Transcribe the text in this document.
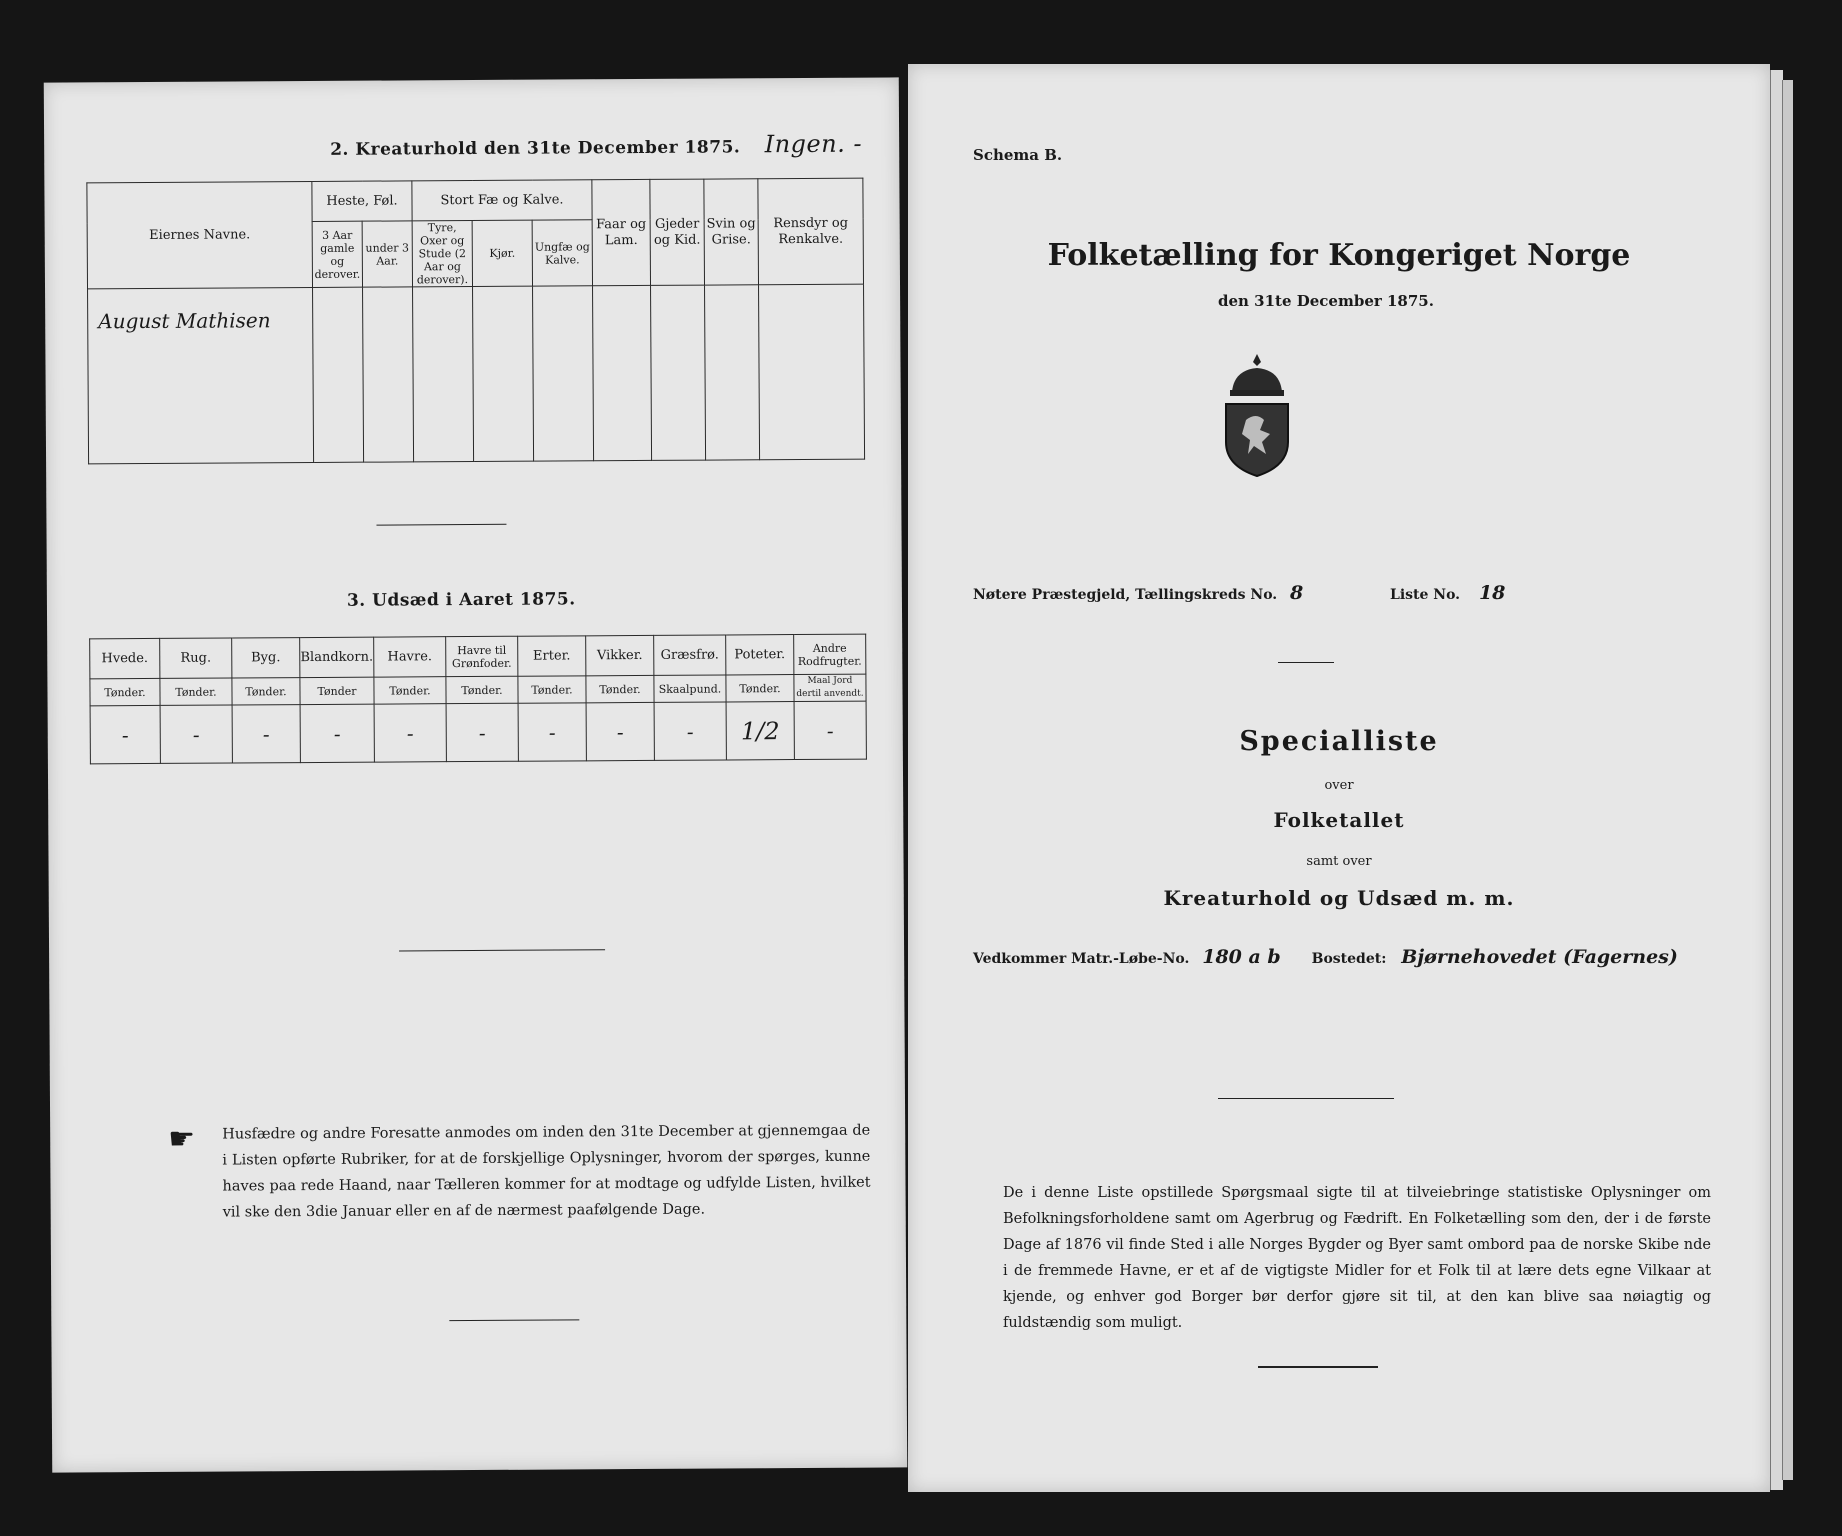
2. Kreaturhold den 31te December 1875. Ingen. -
Eiernes Navne.	Heste, Føl.		Stort Fæ og Kalve.			Faar og Lam.	Gjeder og Kid.	Svin og Grise.	Rensdyr og Renkalve.
	3 Aar gamle og derover.	under 3 Aar.	Tyre, Oxer og Stude (2 Aar og derover).	Kjør.	Ungfæ og Kalve.				
August Mathisen									
3. Udsæd i Aaret 1875.
Hvede.	Rug.	Byg.	Blandkorn.	Havre.	Havre til Grønfoder.	Erter.	Vikker.	Græsfrø.	Poteter.	Andre Rodfrugter.
Tønder.	Tønder.	Tønder.	Tønder	Tønder.	Tønder.	Tønder.	Tønder.	Skaalpund.	Tønder.	Maal Jord dertil anvendt.
-	-	-	-	-	-	-	-	-	1/2	-
☛ Husfædre og andre Foresatte anmodes om inden den 31te December at gjennemgaa de i Listen opførte Rubriker, for at de forskjellige Oplysninger, hvorom der spørges, kunne haves paa rede Haand, naar Tælleren kommer for at modtage og udfylde Listen, hvilket vil ske den 3die Januar eller en af de nærmest paafølgende Dage.
Schema B.
Folketælling for Kongeriget Norge
den 31te December 1875.
Nøtere Præstegjeld, Tællingskreds No. 8	Liste No. 18
Specialliste
over
Folketallet
samt over
Kreaturhold og Udsæd m. m.
Vedkommer Matr.-Løbe-No. 180 a b Bostedet: Bjørnehovedet (Fagernes)
De i denne Liste opstillede Spørgsmaal sigte til at tilveiebringe statistiske Oplysninger om Befolkningsforholdene samt om Agerbrug og Fædrift. En Folketælling som den, der i de første Dage af 1876 vil finde Sted i alle Norges Bygder og Byer samt ombord paa de norske Skibe nde i de fremmede Havne, er et af de vigtigste Midler for et Folk til at lære dets egne Vilkaar at kjende, og enhver god Borger bør derfor gjøre sit til, at den kan blive saa nøiagtig og fuldstændig som muligt.
